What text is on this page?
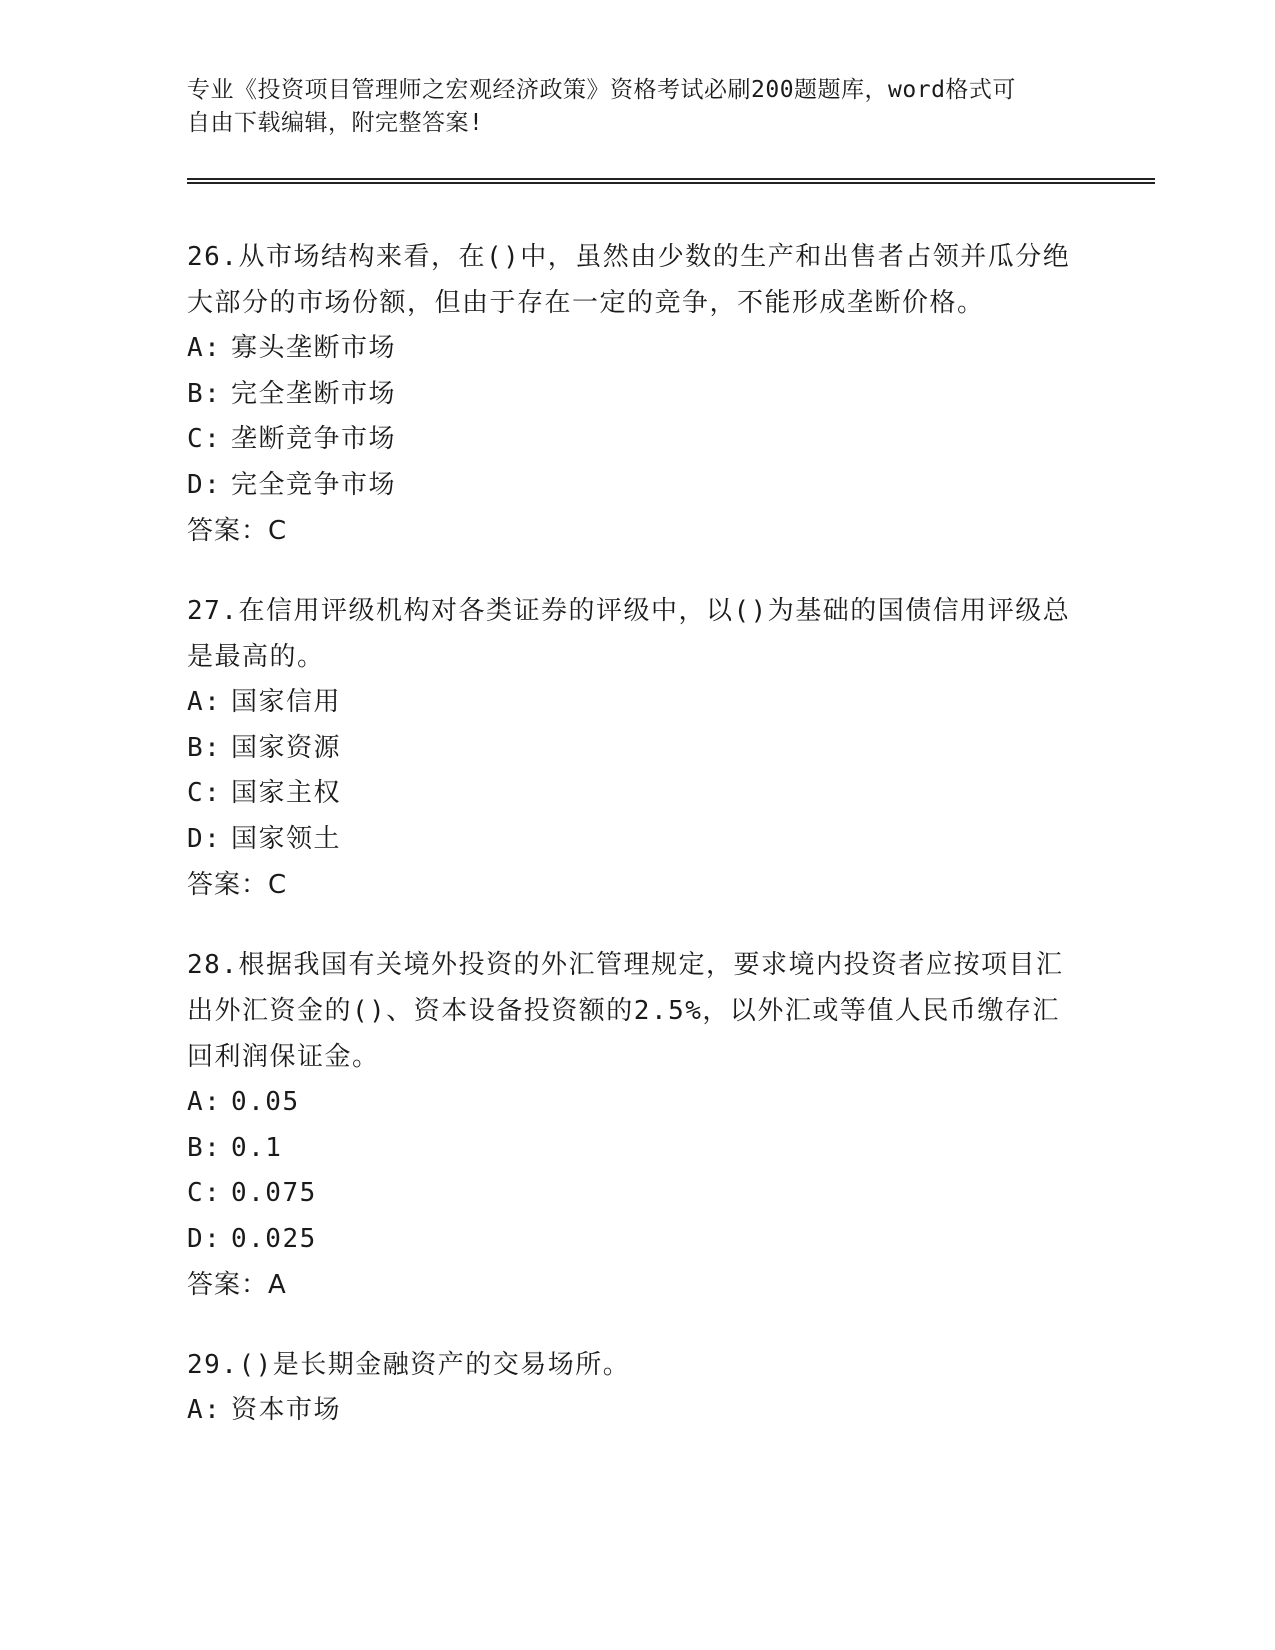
专业《投资项目管理师之宏观经济政策》资格考试必刷200题题库，word格式可
自由下载编辑，附完整答案!
26.从市场结构来看，在()中，虽然由少数的生产和出售者占领并瓜分绝大部分的市场份额，但由于存在一定的竞争，不能形成垄断价格。
A: 寡头垄断市场
B: 完全垄断市场
C: 垄断竞争市场
D: 完全竞争市场
答案：C
27.在信用评级机构对各类证券的评级中，以()为基础的国债信用评级总是最高的。
A: 国家信用
B: 国家资源
C: 国家主权
D: 国家领土
答案：C
28.根据我国有关境外投资的外汇管理规定，要求境内投资者应按项目汇出外汇资金的()、资本设备投资额的2.5%，以外汇或等值人民币缴存汇回利润保证金。
A: 0.05
B: 0.1
C: 0.075
D: 0.025
答案：A
29.()是长期金融资产的交易场所。
A: 资本市场
